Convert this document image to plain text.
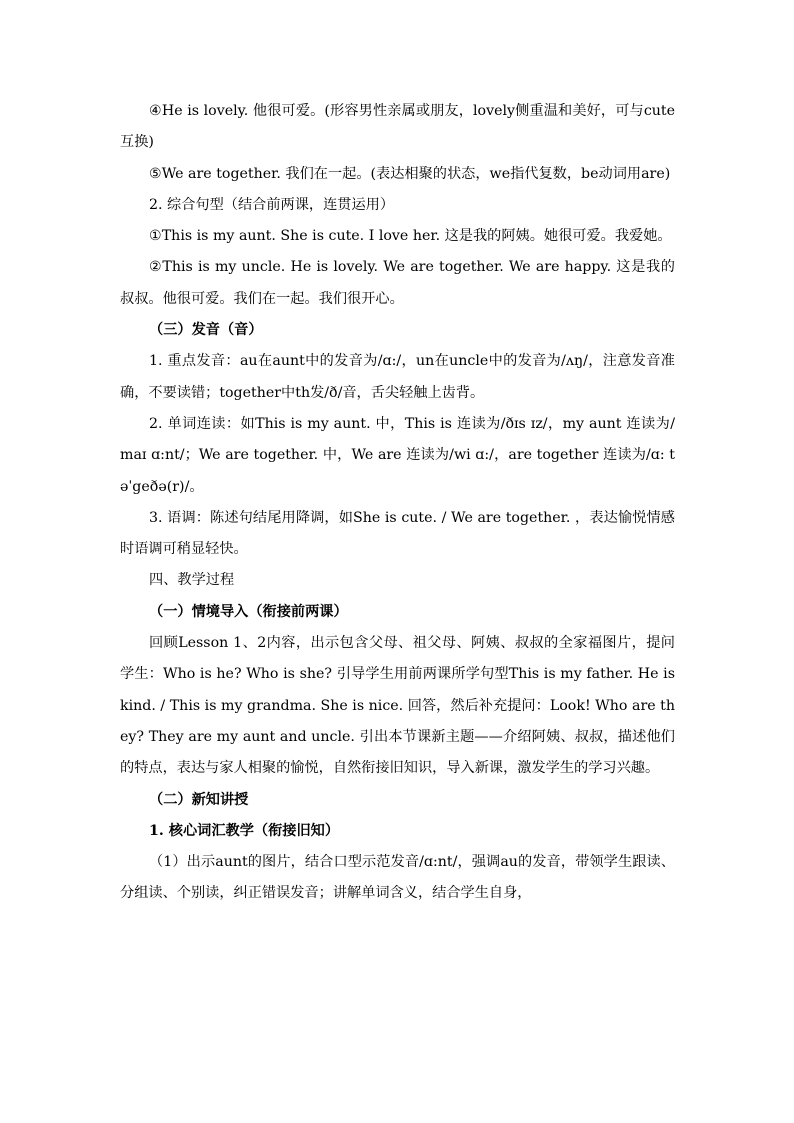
④He is lovely. 他很可爱。(形容男性亲属或朋友，lovely侧重温和美好，可与cute互换)

⑤We are together. 我们在一起。(表达相聚的状态，we指代复数，be动词用are)

2. 综合句型（结合前两课，连贯运用）

①This is my aunt. She is cute. I love her. 这是我的阿姨。她很可爱。我爱她。

②This is my uncle. He is lovely. We are together. We are happy. 这是我的叔叔。他很可爱。我们在一起。我们很开心。

（三）发音（音）

1. 重点发音：au在aunt中的发音为/ɑ:/，un在uncle中的发音为/ʌŋ/，注意发音准确，不要读错；together中th发/ð/音，舌尖轻触上齿背。

2. 单词连读：如This is my aunt. 中，This is 连读为/ðɪs ɪz/，my aunt 连读为/maɪ ɑ:nt/；We are together. 中，We are 连读为/wi ɑ:/，are together 连读为/ɑ: təˈgeðə(r)/。

3. 语调：陈述句结尾用降调，如She is cute. / We are together. ，表达愉悦情感时语调可稍显轻快。

四、教学过程

（一）情境导入（衔接前两课）

回顾Lesson 1、2内容，出示包含父母、祖父母、阿姨、叔叔的全家福图片，提问学生：Who is he? Who is she? 引导学生用前两课所学句型This is my father. He is kind. / This is my grandma. She is nice. 回答，然后补充提问：Look! Who are they? They are my aunt and uncle. 引出本节课新主题——介绍阿姨、叔叔，描述他们的特点，表达与家人相聚的愉悦，自然衔接旧知识，导入新课，激发学生的学习兴趣。

（二）新知讲授

1. 核心词汇教学（衔接旧知）

（1）出示aunt的图片，结合口型示范发音/ɑ:nt/，强调au的发音，带领学生跟读、分组读、个别读，纠正错误发音；讲解单词含义，结合学生自身，
